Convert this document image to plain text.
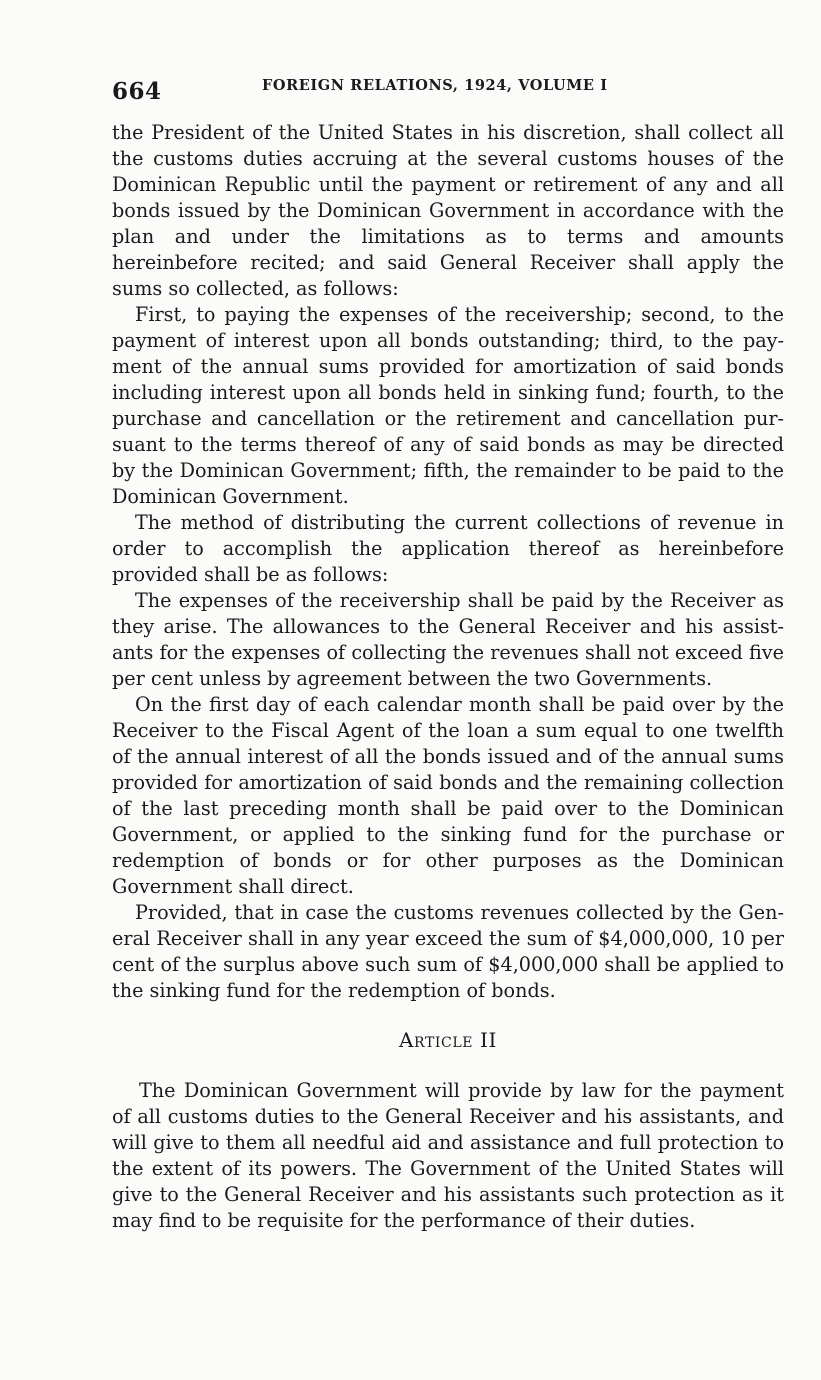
664	FOREIGN RELATIONS, 1924, VOLUME I

the President of the United States in his discretion, shall collect all the customs duties accruing at the several customs houses of the Dominican Republic until the payment or retirement of any and all bonds issued by the Dominican Government in accordance with the plan and under the limitations as to terms and amounts hereinbefore recited; and said General Receiver shall apply the sums so collected, as follows:

First, to paying the expenses of the receivership; second, to the payment of interest upon all bonds outstanding; third, to the payment of the annual sums provided for amortization of said bonds including interest upon all bonds held in sinking fund; fourth, to the purchase and cancellation or the retirement and cancellation pursuant to the terms thereof of any of said bonds as may be directed by the Dominican Government; fifth, the remainder to be paid to the Dominican Government.

The method of distributing the current collections of revenue in order to accomplish the application thereof as hereinbefore provided shall be as follows:

The expenses of the receivership shall be paid by the Receiver as they arise. The allowances to the General Receiver and his assistants for the expenses of collecting the revenues shall not exceed five per cent unless by agreement between the two Governments.

On the first day of each calendar month shall be paid over by the Receiver to the Fiscal Agent of the loan a sum equal to one twelfth of the annual interest of all the bonds issued and of the annual sums provided for amortization of said bonds and the remaining collection of the last preceding month shall be paid over to the Dominican Government, or applied to the sinking fund for the purchase or redemption of bonds or for other purposes as the Dominican Government shall direct.

Provided, that in case the customs revenues collected by the General Receiver shall in any year exceed the sum of $4,000,000, 10 per cent of the surplus above such sum of $4,000,000 shall be applied to the sinking fund for the redemption of bonds.

Article II

The Dominican Government will provide by law for the payment of all customs duties to the General Receiver and his assistants, and will give to them all needful aid and assistance and full protection to the extent of its powers. The Government of the United States will give to the General Receiver and his assistants such protection as it may find to be requisite for the performance of their duties.
